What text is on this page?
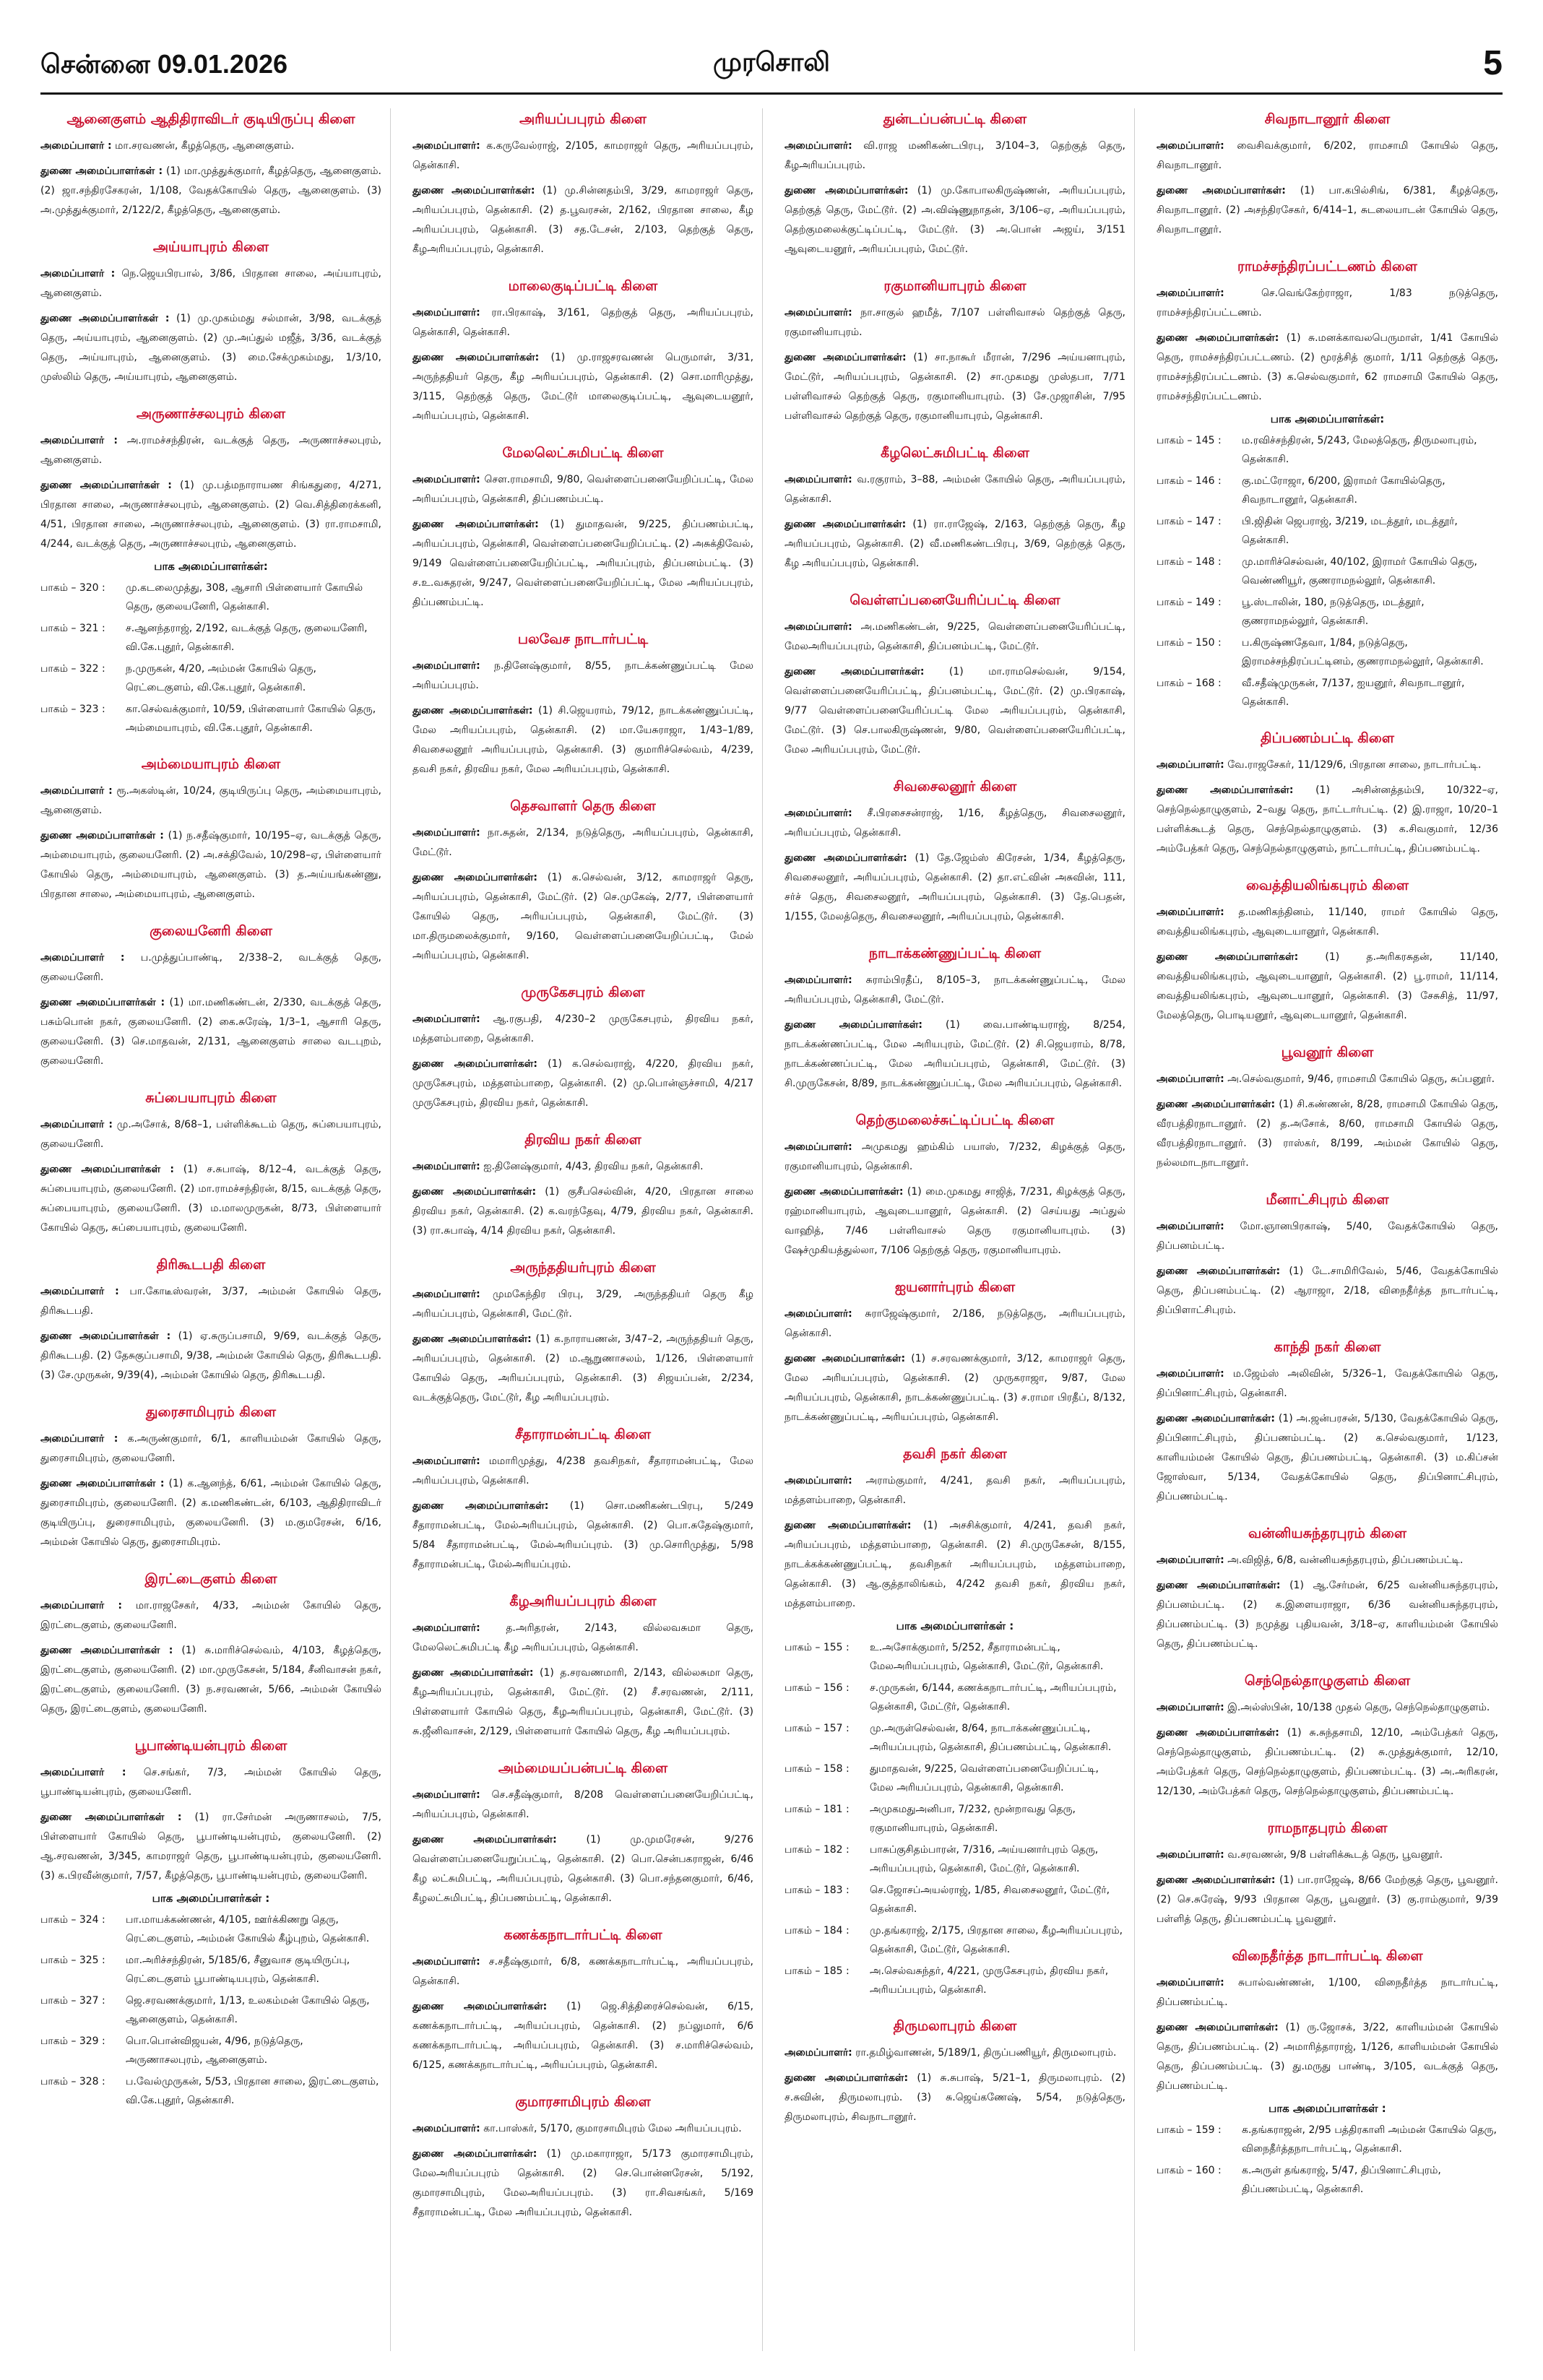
சென்னை 09.01.2026	முரசொலி	5
ஆனைகுளம் ஆதிதிராவிடர் குடியிருப்பு கிளை
அமைப்பாளர் : மா.சரவணன், கீழத்தெரு, ஆனைகுளம்.
துணை அமைப்பாளர்கள் : (1) மா.முத்துக்குமார், கீழத்தெரு, ஆனைகுளம். (2) ஜா.சந்திரசேகரன், 1/108, வேதக்கோயில் தெரு, ஆனைகுளம். (3) அ.முத்துக்குமார், 2/122/2, கீழத்தெரு, ஆனைகுளம்.
அய்யாபுரம் கிளை
அமைப்பாளர் : நெ.ஜெயபிரபால், 3/86, பிரதான சாலை, அய்யாபுரம், ஆனைகுளம்.
துணை அமைப்பாளர்கள் : (1) மு.முகம்மது சல்மான், 3/98, வடக்குத் தெரு, அய்யாபுரம், ஆனைகுளம். (2) மு.அப்துல் மஜீத், 3/36, வடக்குத் தெரு, அய்யாபுரம், ஆனைகுளம். (3) மை.சேக்முகம்மது, 1/3/10, முஸ்லிம் தெரு, அய்யாபுரம், ஆனைகுளம்.
அருணாச்சலபுரம் கிளை
அமைப்பாளர் : அ.ராமச்சந்திரன், வடக்குத் தெரு, அருணாச்சலபுரம், ஆனைகுளம்.
துணை அமைப்பாளர்கள் : (1) மு.பத்மநாராயண சிங்கதுரை, 4/271, பிரதான சாலை, அருணாச்சலபுரம், ஆனைகுளம். (2) வெ.சித்திரைக்கனி, 4/51, பிரதான சாலை, அருணாச்சலபுரம், ஆனைகுளம். (3) ரா.ராமசாமி, 4/244, வடக்குத் தெரு, அருணாச்சலபுரம், ஆனைகுளம்.
பாக அமைப்பாளர்கள்:
பாகம் – 320 :	மு.கடலைமுத்து, 308, ஆசாரி பிள்ளையார் கோயில் தெரு, குலையனேரி, தென்காசி.
பாகம் – 321 :	ச.ஆனந்தராஜ், 2/192, வடக்குத் தெரு, குலையனேரி, வி.கே.புதூர், தென்காசி.
பாகம் – 322 :	ந.முருகன், 4/20, அம்மன் கோயில் தெரு, ரெட்டைகுளம், வி.கே.புதூர், தென்காசி.
பாகம் – 323 :	கா.செல்வக்குமார், 10/59, பிள்ளையார் கோயில் தெரு, அம்மையாபுரம், வி.கே.புதூர், தென்காசி.
அம்மையாபுரம் கிளை
அமைப்பாளர் : ரூ.அகஸ்டின், 10/24, குடியிருப்பு தெரு, அம்மையாபுரம், ஆனைகுளம்.
துணை அமைப்பாளர்கள் : (1) ந.சதீஷ்குமார், 10/195–ஏ, வடக்குத் தெரு, அம்மையாபுரம், குலையனேரி. (2) அ.சக்திவேல், 10/298–ஏ, பிள்ளையார் கோயில் தெரு, அம்மையாபுரம், ஆனைகுளம். (3) த.அய்யங்கண்ணு, பிரதான சாலை, அம்மையாபுரம், ஆனைகுளம்.
குலையனேரி கிளை
அமைப்பாளர் : ப.முத்துப்பாண்டி, 2/338–2, வடக்குத் தெரு, குலையனேரி.
துணை அமைப்பாளர்கள் : (1) மா.மணிகண்டன், 2/330, வடக்குத் தெரு, பசும்பொன் நகர், குலையனேரி. (2) கை.சுரேஷ், 1/3–1, ஆசாரி தெரு, குலையனேரி. (3) செ.மாதவன், 2/131, ஆனைகுளம் சாலை வடபுறம், குலையனேரி.
சுப்பையாபுரம் கிளை
அமைப்பாளர் : மு.அசோக், 8/68–1, பள்ளிக்கூடம் தெரு, சுப்பையாபுரம், குலையனேரி.
துணை அமைப்பாளர்கள் : (1) ச.சுபாஷ், 8/12–4, வடக்குத் தெரு, சுப்பையாபுரம், குலையனேரி. (2) மா.ராமச்சந்திரன், 8/15, வடக்குத் தெரு, சுப்பையாபுரம், குலையனேரி. (3) ம.மாலமுருகன், 8/73, பிள்ளையார் கோயில் தெரு, சுப்பையாபுரம், குலையனேரி.
திரிகூடபதி கிளை
அமைப்பாளர் : பா.கோடீஸ்வரன், 3/37, அம்மன் கோயில் தெரு, திரிகூடபதி.
துணை அமைப்பாளர்கள் : (1) ஏ.சுருப்பசாமி, 9/69, வடக்குத் தெரு, திரிகூடபதி. (2) தேசுகுப்பசாமி, 9/38, அம்மன் கோயில் தெரு, திரிகூடபதி. (3) சே.முருகன், 9/39(4), அம்மன் கோயில் தெரு, திரிகூடபதி.
துரைசாமிபுரம் கிளை
அமைப்பாளர் : க.அருண்குமார், 6/1, காளியம்மன் கோயில் தெரு, துரைசாமிபுரம், குலையனேரி.
துணை அமைப்பாளர்கள் : (1) க.ஆனந்த், 6/61, அம்மன் கோயில் தெரு, துரைசாமிபுரம், குலையனேரி. (2) க.மணிகண்டன், 6/103, ஆதிதிராவிடர் குடியிருப்பு, துரைசாமிபுரம், குலையனேரி. (3) ம.குமரேசன், 6/16, அம்மன் கோயில் தெரு, துரைசாமிபுரம்.
இரட்டைகுளம் கிளை
அமைப்பாளர் : மா.ராஜசேகர், 4/33, அம்மன் கோயில் தெரு, இரட்டைகுளம், குலையனேரி.
துணை அமைப்பாளர்கள் : (1) சு.மாரிச்செல்வம், 4/103, கீழத்தெரு, இரட்டைகுளம், குலையனேரி. (2) மா.முருகேசன், 5/184, சீனிவாசன் நகர், இரட்டைகுளம், குலையனேரி. (3) ந.சரவணன், 5/66, அம்மன் கோயில் தெரு, இரட்டைகுளம், குலையனேரி.
பூபாண்டியன்புரம் கிளை
அமைப்பாளர் : செ.சங்கர், 7/3, அம்மன் கோயில் தெரு, பூபாண்டியன்புரம், குலையனேரி.
துணை அமைப்பாளர்கள் : (1) ரா.சேர்மன் அருணாசலம், 7/5, பிள்ளையார் கோயில் தெரு, பூபாண்டியன்புரம், குலையனேரி. (2) ஆ.சரவணன், 3/345, காமராஜர் தெரு, பூபாண்டியன்புரம், குலையனேரி. (3) க.பிரவீன்குமார், 7/57, கீழத்தெரு, பூபாண்டியன்புரம், குலையனேரி.
பாக அமைப்பாளர்கள் :
பாகம் – 324 :	பா.மாயக்கண்ணன், 4/105, ஊர்க்கிணறு தெரு, ரெட்டைகுளம், அம்மன் கோயில் கீழ்புறம், தென்காசி.
பாகம் – 325 :	மா.அரிச்சந்திரன், 5/185/6, சீனுவாச குடியிருப்பு, ரெட்டைகுளம் பூபாண்டியபுரம், தென்காசி.
பாகம் – 327 :	ஜெ.சரவணக்குமார், 1/13, உலகம்மன் கோயில் தெரு, ஆனைகுளம், தென்காசி.
பாகம் – 329 :	பொ.பொன்விஜயன், 4/96, நடுத்தெரு, அருணாசலபுரம், ஆனைகுளம்.
பாகம் – 328 :	ப.வேல்முருகன், 5/53, பிரதான சாலை, இரட்டைகுளம், வி.கே.புதூர், தென்காசி.
அரியப்பபுரம் கிளை
அமைப்பாளர்: க.கருவேல்ராஜ், 2/105, காமராஜர் தெரு, அரியப்பபுரம், தென்காசி.
துணை அமைப்பாளர்கள்: (1) மு.சின்னதம்பி, 3/29, காமராஜர் தெரு, அரியப்பபுரம், தென்காசி. (2) த.பூவரசன், 2/162, பிரதான சாலை, கீழ அரியப்பபுரம், தென்காசி. (3) சத.டேசன், 2/103, தெற்குத் தெரு, கீழஅரியப்பபுரம், தென்காசி.
மாலைகுடிப்பட்டி கிளை
அமைப்பாளர்: ரா.பிரகாஷ், 3/161, தெற்குத் தெரு, அரியப்பபுரம், தென்காசி, தென்காசி.
துணை அமைப்பாளர்கள்: (1) மு.ராஜசரவணன் பெருமாள், 3/31, அருந்ததியர் தெரு, கீழ அரியப்பபுரம், தென்காசி. (2) சொ.மாரிமுத்து, 3/115, தெற்குத் தெரு, மேட்டூர் மாலைகுடிப்பட்டி, ஆவுடையனூர், அரியப்பபுரம், தென்காசி.
மேலலெட்சுமிபட்டி கிளை
அமைப்பாளர்: சௌ.ராமசாமி, 9/80, வெள்ளைப்பனையேறிப்பட்டி, மேல அரியப்பபுரம், தென்காசி, திப்பணம்பட்டி.
துணை அமைப்பாளர்கள்: (1) துமாதவன், 9/225, திப்பணம்பட்டி, அரியப்பபுரம், தென்காசி, வெள்ளைப்பனையேறிப்பட்டி. (2) அசுக்திவேல், 9/149 வெள்ளைப்பனையேறிப்பட்டி, அரியப்புரம், திப்பனம்பட்டி. (3) ச.உ.வசுதரன், 9/247, வெள்ளைப்பனையேறிப்பட்டி, மேல அரியப்பபுரம், திப்பணம்பட்டி.
பலவேச நாடார்பட்டி
அமைப்பாளர்: ந.தினேஷ்குமார், 8/55, நாடக்கண்ணுப்பட்டி மேல அரியப்பபுரம்.
துணை அமைப்பாளர்கள்: (1) சி.ஜெயராம், 79/12, நாடக்கண்ணுப்பட்டி, மேல அரியப்பபுரம், தென்காசி. (2) மா.யேசுராஜா, 1/43–1/89, சிவசைலனூர் அரியப்பபுரம், தென்காசி. (3) குமாரிச்செல்வம், 4/239, தவசி நகர், திரவிய நகர், மேல அரியப்பபுரம், தென்காசி.
தெசவாளர் தெரு கிளை
அமைப்பாளர்: நா.சுதன், 2/134, நடுத்தெரு, அரியப்பபுரம், தென்காசி, மேட்டூர்.
துணை அமைப்பாளர்கள்: (1) க.செல்வன், 3/12, காமராஜர் தெரு, அரியப்பபுரம், தென்காசி, மேட்டூர். (2) செ.முகேஷ், 2/77, பிள்ளையார் கோயில் தெரு, அரியப்பபுரம், தென்காசி, மேட்டூர். (3) மா.திருமலைக்குமார், 9/160, வெள்ளைப்பனையேறிப்பட்டி, மேல் அரியப்பபுரம், தென்காசி.
முருகேசபுரம் கிளை
அமைப்பாளர்: ஆ.ரகுபதி, 4/230–2 முருகேசபுரம், திரவிய நகர், மத்தளம்பாறை, தென்காசி.
துணை அமைப்பாளர்கள்: (1) க.செல்வராஜ், 4/220, திரவிய நகர், முருகேசபுரம், மத்தளம்பாறை, தென்காசி. (2) மு.பொன்ஞச்சாமி, 4/217 முருகேசபுரம், திரவிய நகர், தென்காசி.
திரவிய நகர் கிளை
அமைப்பாளர்: ஐ.தினேஷ்குமார், 4/43, திரவிய நகர், தென்காசி.
துணை அமைப்பாளர்கள்: (1) குசீபசெல்வின், 4/20, பிரதான சாலை திரவிய நகர், தென்காசி. (2) க.வரந்தேவு, 4/79, திரவிய நகர், தென்காசி. (3) ரா.சுபாஷ், 4/14 திரவிய நகர், தென்காசி.
அருந்ததியர்புரம் கிளை
அமைப்பாளர்: முமகேந்திர பிரபு, 3/29, அருந்ததியர் தெரு கீழ அரியப்பபுரம், தென்காசி, மேட்டூர்.
துணை அமைப்பாளர்கள்: (1) க.நாராயணன், 3/47–2, அருந்ததியர் தெரு, அரியப்பபுரம், தென்காசி. (2) ம.ஆறுணாசலம், 1/126, பிள்ளையார் கோயில் தெரு, அரியப்பபுரம், தென்காசி. (3) சிஜயப்பன், 2/234, வடக்குத்தெரு, மேட்டூர், கீழ அரியப்பபுரம்.
சீதாராமன்பட்டி கிளை
அமைப்பாளர்: மமாரிமுத்து, 4/238 தவசிநகர், சீதாராமன்பட்டி, மேல அரியப்பபுரம், தென்காசி.
துணை அமைப்பாளர்கள்: (1) சொ.மணிகண்டபிரபு, 5/249 சீதாராமன்பட்டி, மேல்அரியப்புரம், தென்காசி. (2) பொ.சுதேஷ்குமார், 5/84 சீதாராமன்பட்டி, மேல்அரியப்புரம். (3) மு.சொரிமுத்து, 5/98 சீதாராமன்பட்டி, மேல்அரியப்புரம்.
கீழஅரியப்பபுரம் கிளை
அமைப்பாளர்:	த.அரிதரன், 2/143, வில்லவசுமா தெரு, மேலலெட்சுமிபட்டி கீழ அரியப்பபுரம், தென்காசி.
துணை அமைப்பாளர்கள்: (1) த.சரவணமாரி, 2/143, வில்லசுமா தெரு, கீழஅரியப்பபுரம், தென்காசி, மேட்டூர். (2) சீ.சரவணன், 2/111, பிள்ளையார் கோயில் தெரு, கீழஅரியப்பபுரம், தென்காசி, மேட்டூர். (3) சு.ஜீனிவாசன், 2/129, பிள்ளையார் கோயில் தெரு, கீழ அரியப்பபுரம்.
அம்மையப்பன்பட்டி கிளை
அமைப்பாளர்: செ.சதீஷ்குமார், 8/208 வெள்ளைப்பனையேறிப்பட்டி, அரியப்பபுரம், தென்காசி.
துணை அமைப்பாளர்கள்:	(1) மு.முமரேசன், 9/276 வெள்ளைப்பனையேறுப்பட்டி, தென்காசி. (2) பொ.சென்பகராஜன், 6/46 கீழ லட்சுமிபட்டி, அரியப்பபுரம், தென்காசி. (3) பொ.சந்தனகுமார், 6/46, கீழலட்சுமிபட்டி, திப்பணம்பட்டி, தென்காசி.
கணக்கநாடார்பட்டி கிளை
அமைப்பாளர்: ச.சதீஷ்குமார், 6/8, கணக்கநாடார்பட்டி, அரியப்பபுரம், தென்காசி.
துணை அமைப்பாளர்கள்: (1) ஜெ.சித்திரைச்செல்வன், 6/15, கணக்கநாடார்பட்டி, அரியப்பபுரம், தென்காசி. (2) நப்லுமார், 6/6 கணக்கநாடார்பட்டி, அரியப்பபுரம், தென்காசி. (3) ச.மாரிச்செல்வம், 6/125, கணக்கநாடார்பட்டி, அரியப்பபுரம், தென்காசி.
குமாரசாமிபுரம் கிளை
அமைப்பாளர்: கா.பாஸ்கர், 5/170, குமாரசாமிபுரம் மேல அரியப்பபுரம்.
துணை அமைப்பாளர்கள்: (1) மு.மகாராஜா, 5/173 குமாரசாமிபுரம், மேலஅரியப்பபுரம் தென்காசி. (2) செ.பொன்னரேசன், 5/192, குமாரசாமிபுரம், மேலஅரியப்பபுரம். (3) ரா.சிவசங்கர், 5/169 சீதாராமன்பட்டி, மேல அரியப்பபுரம், தென்காசி.
துன்டப்பன்பட்டி கிளை
அமைப்பாளர்: வி.ராஜ மணிகண்டபிரபு, 3/104–3, தெற்குத் தெரு, கீழஅரியப்பபுரம்.
துணை அமைப்பாளர்கள்: (1) மு.கோபாலகிருஷ்ணன், அரியப்பபுரம், தெற்குத் தெரு, மேட்டூர். (2) அ.விஷ்ணுநாதன், 3/106–ஏ, அரியப்பபுரம், தெற்குமலைக்குட்டிப்பட்டி, மேட்டூர். (3) அ.பொன் அஜய், 3/151 ஆவுடையனூர், அரியப்பபுரம், மேட்டூர்.
ரகுமானியாபுரம் கிளை
அமைப்பாளர்: நா.சாகுல் ஹமீத், 7/107 பள்ளிவாசல் தெற்குத் தெரு, ரகுமானியாபுரம்.
துணை அமைப்பாளர்கள்: (1) சா.நாகூர் மீரான், 7/296 அய்யனாபுரம், மேட்டூர், அரியப்பபுரம், தென்காசி. (2) சா.முகமது முஸ்தபா, 7/71 பள்ளிவாசல் தெற்குத் தெரு, ரகுமானியாபுரம். (3) சே.முஜாசின், 7/95 பள்ளிவாசல் தெற்குத் தெரு, ரகுமானியாபுரம், தென்காசி.
கீழலெட்சுமிபட்டி கிளை
அமைப்பாளர்: வ.ரகுராம், 3–88, அம்மன் கோயில் தெரு, அரியப்பபுரம், தென்காசி.
துணை அமைப்பாளர்கள்: (1) ரா.ராஜேஷ், 2/163, தெற்குத் தெரு, கீழ அரியப்பபுரம், தென்காசி. (2) வீ.மணிகண்டபிரபு, 3/69, தெற்குத் தெரு, கீழ அரியப்பபுரம், தென்காசி.
வெள்ளப்பனையேரிப்பட்டி கிளை
அமைப்பாளர்: அ.மணிகண்டன், 9/225, வெள்ளைப்பனையேரிப்பட்டி, மேலஅரியப்பபுரம், தென்காசி, திப்பனம்பட்டி, மேட்டூர்.
துணை அமைப்பாளர்கள்: (1) மா.ராமசெல்வன், 9/154, வெள்ளைப்பனையேரிப்பட்டி, திப்பனம்பட்டி, மேட்டூர். (2) மு.பிரகாஷ், 9/77 வெள்ளைப்பனையேரிப்பட்டி மேல அரியப்பபுரம், தென்காசி, மேட்டூர். (3) செ.பாலகிருஷ்ணன், 9/80, வெள்ளைப்பனையேரிப்பட்டி, மேல அரியப்பபுரம், மேட்டூர்.
சிவசைலனூர் கிளை
அமைப்பாளர்: சீ.பிரசைசன்ராஜ், 1/16, கீழத்தெரு, சிவசைலனூர், அரியப்பபுரம், தென்காசி.
துணை அமைப்பாளர்கள்: (1) தே.ஜேம்ஸ் கிரேசன், 1/34, கீழத்தெரு, சிவசைலனூர், அரியப்பபுரம், தென்காசி. (2) தா.எட்வின் அசுவின், 111, சர்ச் தெரு, சிவசைலனூர், அரியப்பபுரம், தென்காசி. (3) தே.பெதன், 1/155, மேலத்தெரு, சிவசைலனூர், அரியப்பபுரம், தென்காசி.
நாடாக்கண்ணுப்பட்டி கிளை
அமைப்பாளர்: சுராம்பிரதீப், 8/105–3, நாடக்கண்ணுப்பட்டி, மேல அரியப்பபுரம், தென்காசி, மேட்டூர்.
துணை அமைப்பாளர்கள்: (1) வை.பாண்டியராஜ், 8/254, நாடக்கண்ணப்பட்டி, மேல அரியபுரம், மேட்டூர். (2) சி.ஜெயராம், 8/78, நாடக்கண்ணப்பட்டி, மேல அரியப்பபுரம், தென்காசி, மேட்டூர். (3) சி.முருகேசன், 8/89, நாடக்கண்ணுப்பட்டி, மேல அரியப்பபுரம், தென்காசி.
தெற்குமலைச்சுட்டிப்பட்டி கிளை
அமைப்பாளர்: அமுகமது ஹம்கிம் பயாஸ், 7/232, கிழக்குத் தெரு, ரகுமானியாபுரம், தென்காசி.
துணை அமைப்பாளர்கள்: (1) மை.முகமது சாஜித், 7/231, கிழக்குத் தெரு, ரஹ்மானியாபுரம், ஆவுடையானூர், தென்காசி. (2) செய்யது அப்துல் வாஹித், 7/46 பள்ளிவாசல் தெரு ரகுமானியாபுரம். (3) ஷேச்முகியத்துல்லா, 7/106 தெற்குத் தெரு, ரகுமானியாபுரம்.
ஐயனார்புரம் கிளை
அமைப்பாளர்: சுராஜேஷ்குமார், 2/186, நடுத்தெரு, அரியப்பபுரம், தென்காசி.
துணை அமைப்பாளர்கள்: (1) ச.சரவணக்குமார், 3/12, காமராஜர் தெரு, மேல அரியப்பபுரம், தென்காசி. (2) முருகராஜா, 9/87, மேல அரியப்பபுரம், தென்காசி, நாடக்கண்ணுப்பட்டி. (3) ச.ராமா பிரதீப், 8/132, நாடக்கண்ணுப்பட்டி, அரியப்பபுரம், தென்காசி.
தவசி நகர் கிளை
அமைப்பாளர்: அராம்குமார், 4/241, தவசி நகர், அரியப்பபுரம், மத்தளம்பாறை, தென்காசி.
துணை அமைப்பாளர்கள்: (1) அசசிக்குமார், 4/241, தவசி நகர், அரியப்பபுரம், மத்தளம்பாறை, தென்காசி. (2) சி.முருகேசன், 8/155, நாடக்கக்கண்ணுப்பட்டி, தவசிநகர் அரியப்பபுரம், மத்தளம்பாறை, தென்காசி. (3) ஆ.குத்தாலிங்கம், 4/242 தவசி நகர், திரவிய நகர், மத்தளம்பாறை.
பாக அமைப்பாளர்கள் :
பாகம் – 155 :	உ.அசோக்குமார், 5/252, சீதாராமன்பட்டி, மேலஅரியப்பபுரம், தென்காசி, மேட்டூர், தென்காசி.
பாகம் – 156 :	ச.முருகன், 6/144, கணக்கநாடார்பட்டி, அரியப்பபுரம், தென்காசி, மேட்டூர், தென்காசி.
பாகம் – 157 :	மு.அருள்செல்வன், 8/64, நாடாக்கண்ணுப்பட்டி, அரியப்பபுரம், தென்காசி, திப்பணம்பட்டி, தென்காசி.
பாகம் – 158 :	துமாதவன், 9/225, வெள்ளைப்பனையேறிப்பட்டி, மேல அரியப்பபுரம், தென்காசி, தென்காசி.
பாகம் – 181 :	அமுகமதுஅனிபா, 7/232, மூன்றாவது தெரு, ரகுமானியாபுரம், தென்காசி.
பாகம் – 182 :	பாசுப்குசிதம்பாரன், 7/316, அய்யனார்புரம் தெரு, அரியப்பபுரம், தென்காசி, மேட்டூர், தென்காசி.
பாகம் – 183 :	செ.ஜோசப்அயல்ராஜ், 1/85, சிவசைலனூர், மேட்டூர், தென்காசி.
பாகம் – 184 :	மு.தங்கராஜ், 2/175, பிரதான சாலை, கீழஅரியப்பபுரம், தென்காசி, மேட்டூர், தென்காசி.
பாகம் – 185 :	அ.செல்வசுந்தர், 4/221, முருகேசபுரம், திரவிய நகர், அரியப்பபுரம், தென்காசி.
திருமலாபுரம் கிளை
அமைப்பாளர்: ரா.தமிழ்வாணன், 5/189/1, திருப்பணியூர், திருமலாபுரம்.
துணை அமைப்பாளர்கள்: (1) சு.சுபாஷ், 5/21–1, திருமலாபுரம். (2) ச.சுவின், திருமலாபுரம். (3) சு.ஜெய்கணேஷ், 5/54, நடுத்தெரு, திருமலாபுரம், சிவநாடானூர்.
சிவநாடானூர் கிளை
அமைப்பாளர்: வைசிவக்குமார், 6/202, ராமசாமி கோயில் தெரு, சிவநாடானூர்.
துணை அமைப்பாளர்கள்: (1) பா.கபில்சிங், 6/381, கீழத்தெரு, சிவநாடானூர். (2) அசந்திரசேகர், 6/414–1, சுடலையாடன் கோயில் தெரு, சிவநாடானூர்.
ராமச்சந்திரப்பட்டணம் கிளை
அமைப்பாளர்:	செ.வெங்கேற்ராஜா, 1/83 நடுத்தெரு, ராமச்சந்திரப்பட்டணம்.
துணை அமைப்பாளர்கள்: (1) சு.மனக்காவலபெருமாள், 1/41 கோயில் தெரு, ராமச்சந்திரப்பட்டணம். (2) மூரத்சித் குமார், 1/11 தெற்குத் தெரு, ராமச்சந்திரப்பட்டணம். (3) க.செல்வகுமார், 62 ராமசாமி கோயில் தெரு, ராமச்சந்திரப்பட்டணம்.
பாக அமைப்பாளர்கள்:
பாகம் – 145 :	ம.ரவிச்சந்திரன், 5/243, மேலத்தெரு, திருமலாபுரம், தென்காசி.
பாகம் – 146 :	கு.மட்ரோஜா, 6/200, இராமர் கோயில்தெரு, சிவநாடானூர், தென்காசி.
பாகம் – 147 :	பி.ஜிதின் ஜெபராஜ், 3/219, மடத்தூர், மடத்தூர், தென்காசி.
பாகம் – 148 :	மு.மாரிச்செல்வன், 40/102, இராமர் கோயில் தெரு, வெண்ணியூர், குணராமநல்லூர், தென்காசி.
பாகம் – 149 :	பூ.ஸ்டாலின், 180, நடுத்தெரு, மடத்தூர், குணராமநல்லூர், தென்காசி.
பாகம் – 150 :	ப.கிருஷ்ணதேவா, 1/84, நடுத்தெரு, இராமச்சந்திரப்பட்டினம், குணராமநல்லூர், தென்காசி.
பாகம் – 168 :	வீ.சதீஷ்முருகன், 7/137, ஐயனூர், சிவநாடானூர், தென்காசி.
திப்பணம்பட்டி கிளை
அமைப்பாளர்: வே.ராஜசேகர், 11/129/6, பிரதான சாலை, நாடார்பட்டி.
துணை அமைப்பாளர்கள்: (1) அசின்னத்தம்பி, 10/322–ஏ, செந்நெல்தாழுகுளம், 2–வது தெரு, நாட்டார்பட்டி. (2) இ.ராஜா, 10/20–1 பள்ளிக்கூடத் தெரு, செந்நெல்தாழுகுளம். (3) க.சிவகுமார், 12/36 அம்பேத்கர் தெரு, செந்நெல்தாழுகுளம், நாட்டார்பட்டி, திப்பணம்பட்டி.
வைத்தியலிங்கபுரம் கிளை
அமைப்பாளர்: த.மணிகந்தினம், 11/140, ராமர் கோயில் தெரு, வைத்தியலிங்கபுரம், ஆவுடையானூர், தென்காசி.
துணை அமைப்பாளர்கள்:	(1) த.அரிகரசுதன், 11/140, வைத்தியலிங்கபுரம், ஆவுடையானூர், தென்காசி. (2) பூ.ராமர், 11/114, வைத்தியலிங்கபுரம், ஆவுடையானூர், தென்காசி. (3) சேசுசித், 11/97, மேலத்தெரு, பொடியனூர், ஆவுடையானூர், தென்காசி.
பூவனூர் கிளை
அமைப்பாளர்: அ.செல்வகுமார், 9/46, ராமசாமி கோயில் தெரு, சுப்பனூர்.
துணை அமைப்பாளர்கள்: (1) சி.கண்ணன், 8/28, ராமசாமி கோயில் தெரு, வீரபத்திரநாடானூர். (2) த.அசோக், 8/60, ராமசாமி கோயில் தெரு, வீரபத்திரநாடானூர். (3) ராஸ்கர், 8/199, அம்மன் கோயில் தெரு, நல்லமாடநாடானூர்.
மீனாட்சிபுரம் கிளை
அமைப்பாளர்: மோ.ஞானபிரகாஷ், 5/40, வேதக்கோயில் தெரு, திப்பனம்பட்டி.
துணை அமைப்பாளர்கள்: (1) டே.சாமிரிவேல், 5/46, வேதக்கோயில் தெரு, திப்பனம்பட்டி. (2) ஆராஜா, 2/18, விநைதீர்த்த நாடார்பட்டி, திப்பிளாட்சிபுரம்.
காந்தி நகர் கிளை
அமைப்பாளர்: ம.ஜேம்ஸ் அலிவின், 5/326–1, வேதக்கோயில் தெரு, திப்பினாட்சிபுரம், தென்காசி.
துணை அமைப்பாளர்கள்: (1) அ.ஜன்பரசன், 5/130, வேதக்கோயில் தெரு, திப்பினாட்சிபுரம், திப்பணம்பட்டி. (2) க.செல்வகுமார், 1/123, காளியம்மன் கோயில் தெரு, திப்பணம்பட்டி, தென்காசி. (3) ம.கிப்சன் ஜோஸ்வா, 5/134, வேதக்கோயில் தெரு, திப்பினாட்சிபுரம், திப்பணம்பட்டி.
வன்னியசுந்தரபுரம் கிளை
அமைப்பாளர்: அ.விஜித், 6/8, வன்னியசுந்தரபுரம், திப்பணம்பட்டி.
துணை அமைப்பாளர்கள்: (1) ஆ.சேர்மன், 6/25 வன்னியசுந்தரபுரம், திப்பனம்பட்டி. (2) க.இளையராஜா, 6/36 வன்னியசுந்தரபுரம், திப்பணம்பட்டி. (3) நமுத்து புதியவன், 3/18–ஏ, காளியம்மன் கோயில் தெரு, திப்பணம்பட்டி.
செந்நெல்தாழுகுளம் கிளை
அமைப்பாளர்: இ.அல்ஸ்பின், 10/138 முதல் தெரு, செந்நெல்தாழுகுளம்.
துணை அமைப்பாளர்கள்: (1) சு.சுந்தசாமி, 12/10, அம்பேத்கர் தெரு, செந்நெல்தாழுகுளம், திப்பணம்பட்டி. (2) சு.முத்துக்குமார், 12/10, அம்பேத்கர் தெரு, செந்நெல்தாழுகுளம், திப்பணம்பட்டி. (3) அ.அரிகரன், 12/130, அம்பேத்கர் தெரு, செந்நெல்தாழுகுளம், திப்பணம்பட்டி.
ராமநாதபுரம் கிளை
அமைப்பாளர்: வ.சரவணன், 9/8 பள்ளிக்கூடத் தெரு, பூவனூர்.
துணை அமைப்பாளர்கள்: (1) பா.ராஜேஷ், 8/66 மேற்குத் தெரு, பூவனூர். (2) செ.சுரேஷ், 9/93 பிரதான தெரு, பூவனூர். (3) கு.ராம்குமார், 9/39 பள்ளித் தெரு, திப்பணம்பட்டி பூவனூர்.
விநைதீர்த்த நாடார்பட்டி கிளை
அமைப்பாளர்: சுபால்வண்ணன், 1/100, விநைதீர்த்த நாடார்பட்டி, திப்பணம்பட்டி.
துணை அமைப்பாளர்கள்: (1) ரு.ஜோசக், 3/22, காளியம்மன் கோயில் தெரு, திப்பணம்பட்டி. (2) அமாரித்தாராஜ், 1/126, காளியம்மன் கோயில் தெரு, திப்பணம்பட்டி. (3) து.மருது பாண்டி, 3/105, வடக்குத் தெரு, திப்பணம்பட்டி.
பாக அமைப்பாளர்கள் :
பாகம் – 159 :	க.தங்கராஜன், 2/95 பத்திரகாளி அம்மன் கோயில் தெரு, விநைதீர்த்தநாடார்பட்டி, தென்காசி.
பாகம் – 160 :	க.அருள் தங்கராஜ், 5/47, திப்பினாட்சிபுரம், திப்பணம்பட்டி, தென்காசி.
